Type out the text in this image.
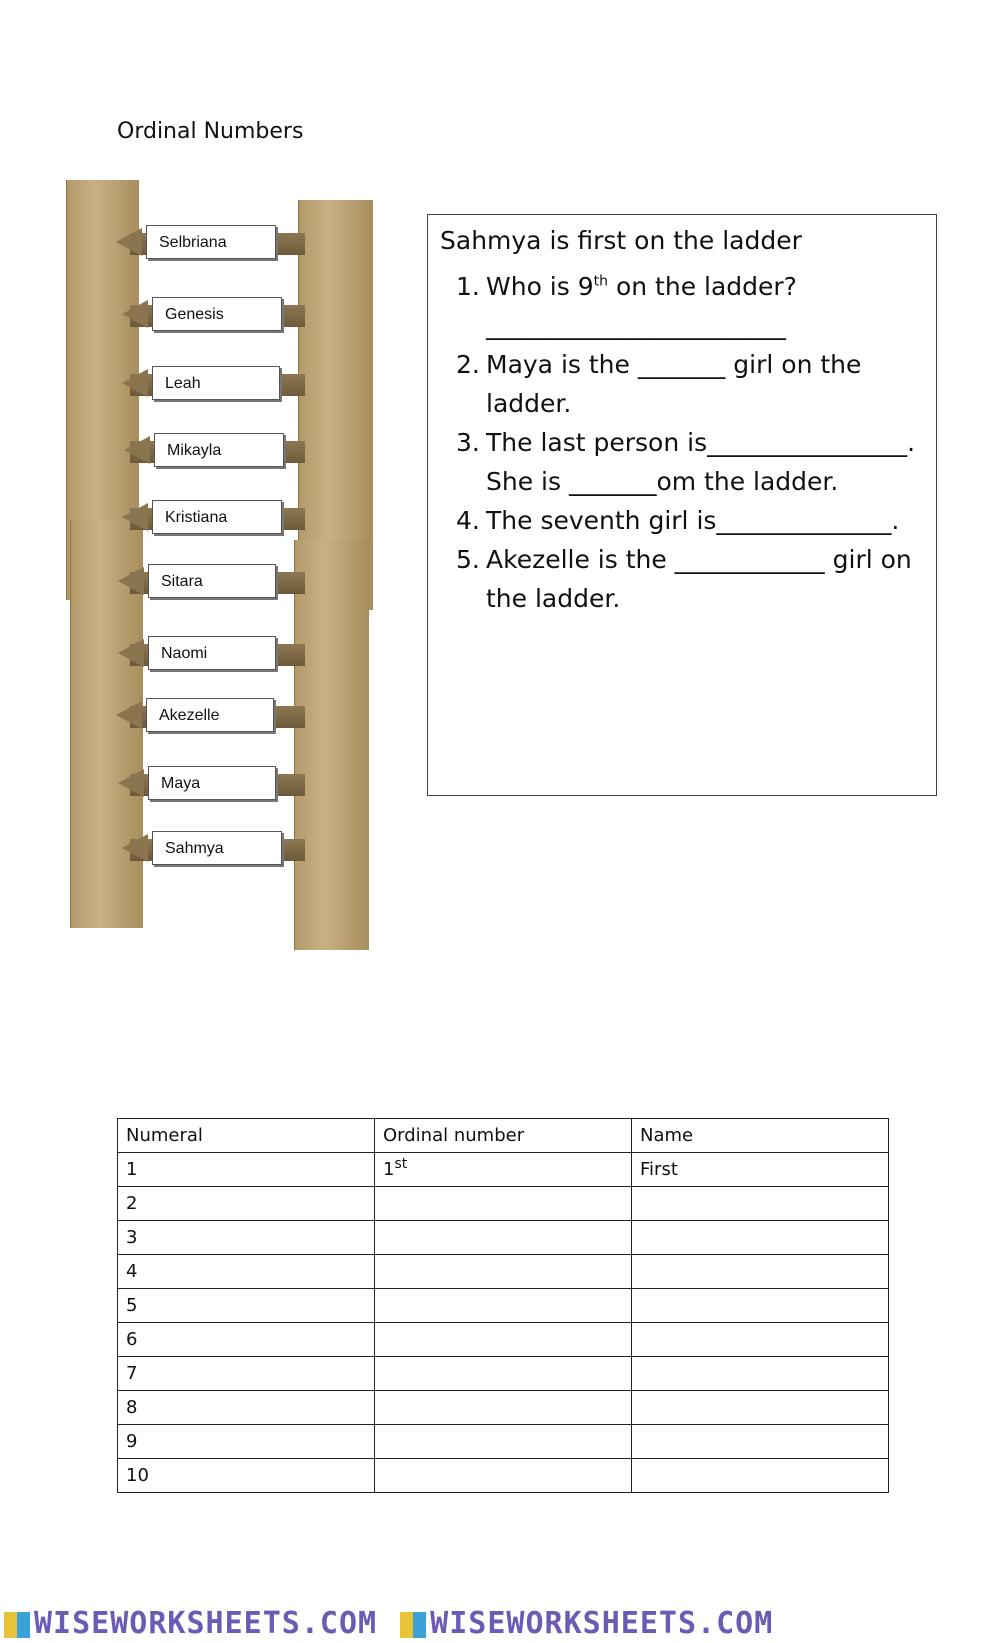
Ordinal Numbers
Selbriana
Genesis
Leah
Mikayla
Kristiana
Sitara
Naomi
Akezelle
Maya
Sahmya
Sahmya is first on the ladder
1. Who is 9th on the ladder?________________________
2. Maya is the _______ girl on the ladder.
3. The last person is________________. She is _______om the ladder.
4. The seventh girl is______________.
5. Akezelle is the ____________ girl on the ladder.
Numeral	Ordinal number	Name
1	1st	First
2		
3		
4		
5		
6		
7		
8		
9		
10		
WISEWORKSHEETS.COM WISEWORKSHEETS.COM
